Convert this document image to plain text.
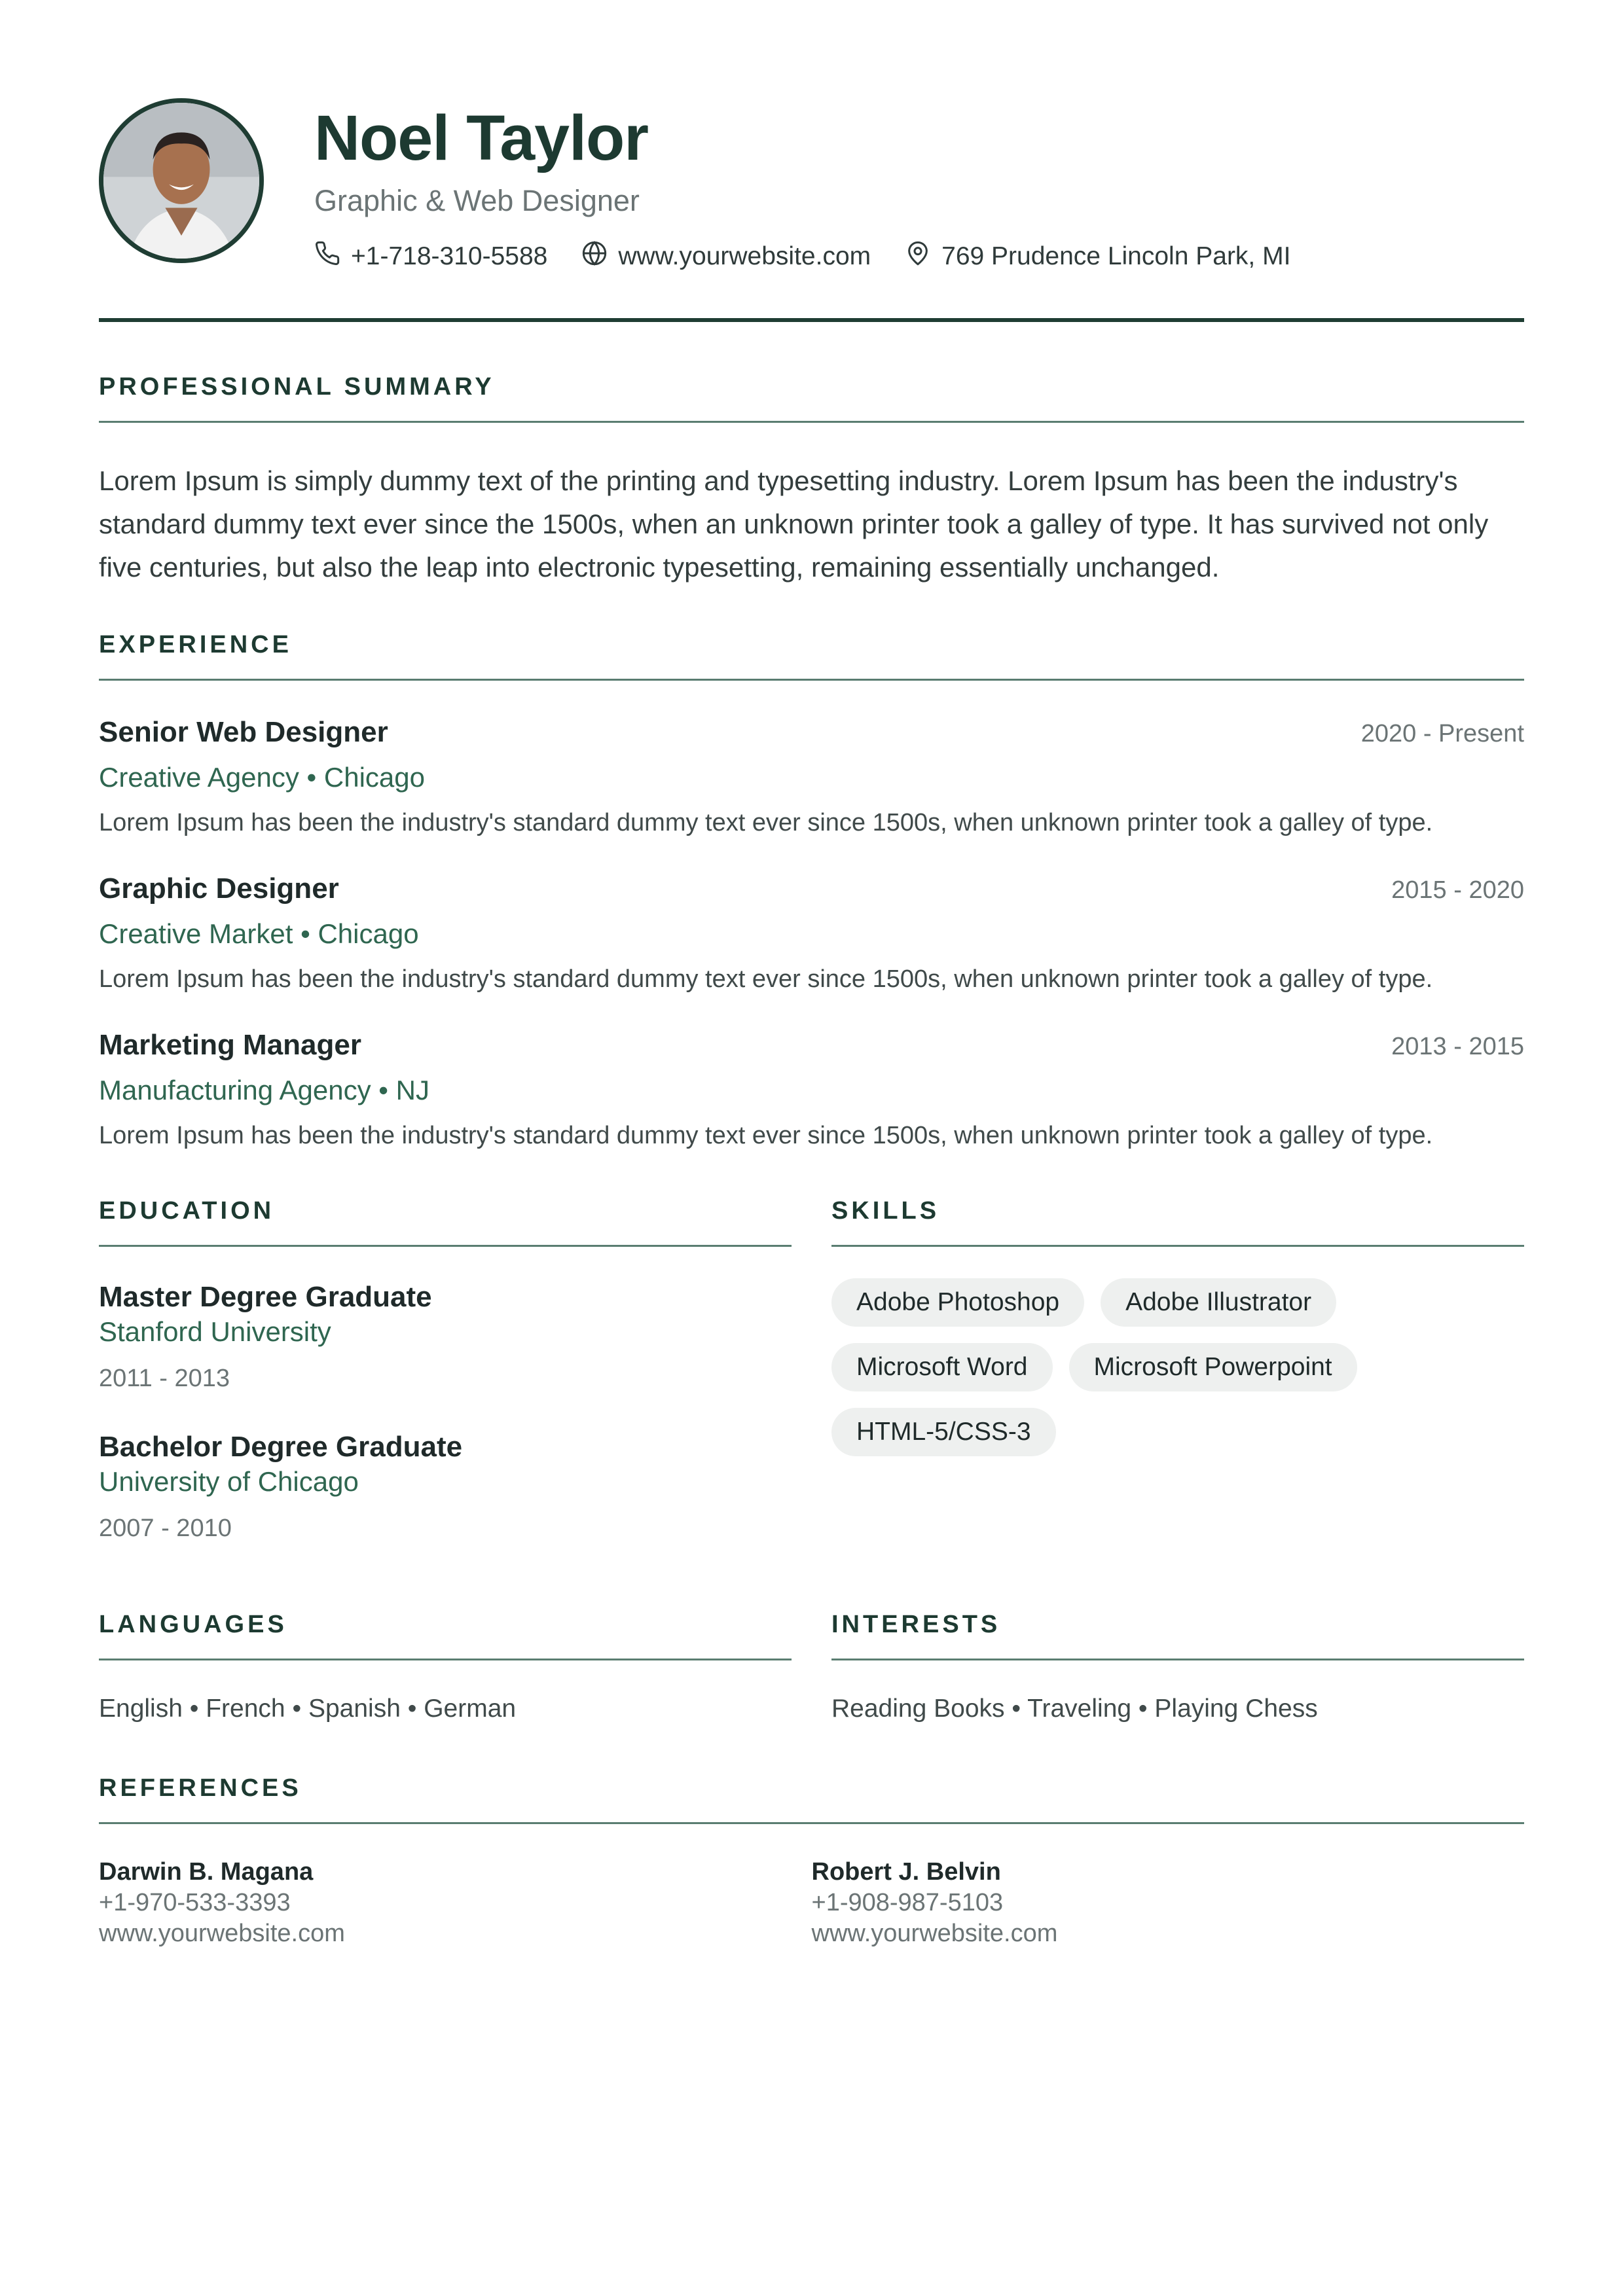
Noel Taylor
Graphic & Web Designer
+1-718-310-5588	www.yourwebsite.com	769 Prudence Lincoln Park, MI
PROFESSIONAL SUMMARY
Lorem Ipsum is simply dummy text of the printing and typesetting industry. Lorem Ipsum has been the industry's standard dummy text ever since the 1500s, when an unknown printer took a galley of type. It has survived not only five centuries, but also the leap into electronic typesetting, remaining essentially unchanged.
EXPERIENCE
Senior Web Designer	2020 - Present
Creative Agency • Chicago
Lorem Ipsum has been the industry's standard dummy text ever since 1500s, when unknown printer took a galley of type.
Graphic Designer	2015 - 2020
Creative Market • Chicago
Lorem Ipsum has been the industry's standard dummy text ever since 1500s, when unknown printer took a galley of type.
Marketing Manager	2013 - 2015
Manufacturing Agency • NJ
Lorem Ipsum has been the industry's standard dummy text ever since 1500s, when unknown printer took a galley of type.
EDUCATION
Master Degree Graduate
Stanford University
2011 - 2013
Bachelor Degree Graduate
University of Chicago
2007 - 2010
SKILLS
Adobe Photoshop	Adobe Illustrator
Microsoft Word	Microsoft Powerpoint
HTML-5/CSS-3
LANGUAGES
English • French • Spanish • German
INTERESTS
Reading Books • Traveling • Playing Chess
REFERENCES
Darwin B. Magana
+1-970-533-3393
www.yourwebsite.com
Robert J. Belvin
+1-908-987-5103
www.yourwebsite.com
